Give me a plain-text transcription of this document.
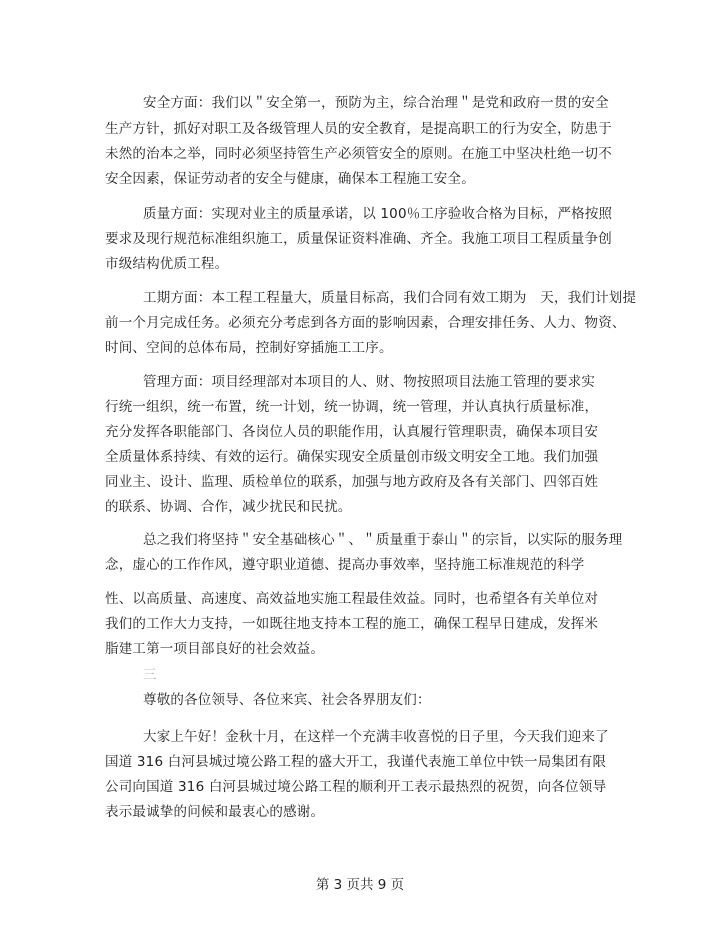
安全方面：我们以＂安全第一，预防为主，综合治理＂是党和政府一贯的安全
生产方针，抓好对职工及各级管理人员的安全教育，是提高职工的行为安全，防患于
未然的治本之举，同时必须坚持管生产必须管安全的原则。在施工中坚决杜绝一切不
安全因素，保证劳动者的安全与健康，确保本工程施工安全。
质量方面：实现对业主的质量承诺，以 100％工序验收合格为目标，严格按照
要求及现行规范标准组织施工，质量保证资料准确、齐全。我施工项目工程质量争创
市级结构优质工程。
工期方面：本工程工程量大，质量目标高，我们合同有效工期为　天，我们计划提
前一个月完成任务。必须充分考虑到各方面的影响因素，合理安排任务、人力、物资、
时间、空间的总体布局，控制好穿插施工工序。
管理方面：项目经理部对本项目的人、财、物按照项目法施工管理的要求实
行统一组织，统一布置，统一计划，统一协调，统一管理，并认真执行质量标准，
充分发挥各职能部门、各岗位人员的职能作用，认真履行管理职责，确保本项目安
全质量体系持续、有效的运行。确保实现安全质量创市级文明安全工地。我们加强
同业主、设计、监理、质检单位的联系，加强与地方政府及各有关部门、四邻百姓
的联系、协调、合作，减少扰民和民扰。
总之我们将坚持＂安全基础核心＂、＂质量重于泰山＂的宗旨，以实际的服务理
念，虚心的工作作风，遵守职业道德、提高办事效率，坚持施工标准规范的科学
性、以高质量、高速度、高效益地实施工程最佳效益。同时，也希望各有关单位对
我们的工作大力支持，一如既往地支持本工程的施工，确保工程早日建成，发挥米
脂建工第一项目部良好的社会效益。
三
尊敬的各位领导、各位来宾、社会各界朋友们：
大家上午好！金秋十月，在这样一个充满丰收喜悦的日子里，今天我们迎来了
国道 316 白河县城过境公路工程的盛大开工，我谨代表施工单位中铁一局集团有限
公司向国道 316 白河县城过境公路工程的顺利开工表示最热烈的祝贺，向各位领导
表示最诚挚的问候和最衷心的感谢。
第 3 页共 9 页
